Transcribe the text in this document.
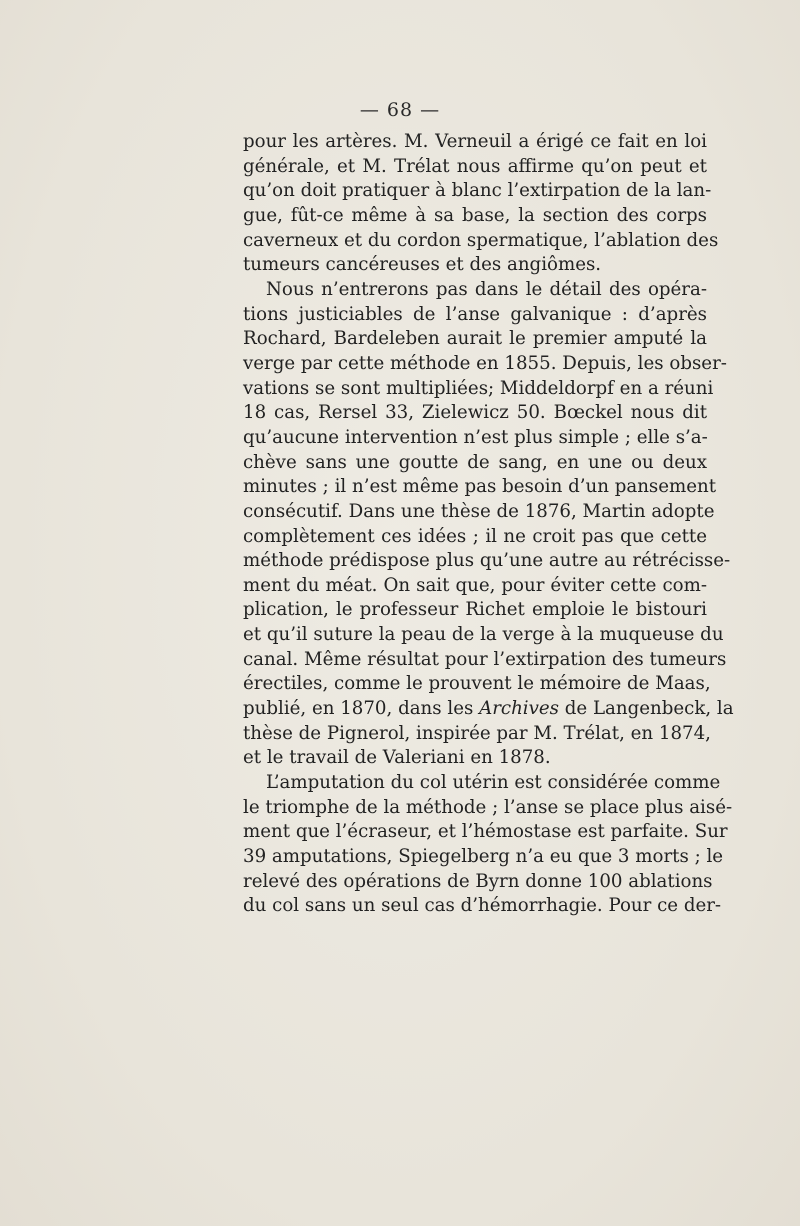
— 68 —
pour les artères. M. Verneuil a érigé ce fait en loi
générale, et M. Trélat nous affirme qu’on peut et
qu’on doit pratiquer à blanc l’extirpation de la lan-
gue, fût-ce même à sa base, la section des corps
caverneux et du cordon spermatique, l’ablation des
tumeurs cancéreuses et des angiômes.
Nous n’entrerons pas dans le détail des opéra-
tions justiciables de l’anse galvanique : d’après
Rochard, Bardeleben aurait le premier amputé la
verge par cette méthode en 1855. Depuis, les obser-
vations se sont multipliées; Middeldorpf en a réuni
18 cas, Rersel 33, Zielewicz 50. Bœckel nous dit
qu’aucune intervention n’est plus simple ; elle s’a-
chève sans une goutte de sang, en une ou deux
minutes ; il n’est même pas besoin d’un pansement
consécutif. Dans une thèse de 1876, Martin adopte
complètement ces idées ; il ne croit pas que cette
méthode prédispose plus qu’une autre au rétrécisse-
ment du méat. On sait que, pour éviter cette com-
plication, le professeur Richet emploie le bistouri
et qu’il suture la peau de la verge à la muqueuse du
canal. Même résultat pour l’extirpation des tumeurs
érectiles, comme le prouvent le mémoire de Maas,
publié, en 1870, dans les Archives de Langenbeck, la
thèse de Pignerol, inspirée par M. Trélat, en 1874,
et le travail de Valeriani en 1878.
L’amputation du col utérin est considérée comme
le triomphe de la méthode ; l’anse se place plus aisé-
ment que l’écraseur, et l’hémostase est parfaite. Sur
39 amputations, Spiegelberg n’a eu que 3 morts ; le
relevé des opérations de Byrn donne 100 ablations
du col sans un seul cas d’hémorrhagie. Pour ce der-
